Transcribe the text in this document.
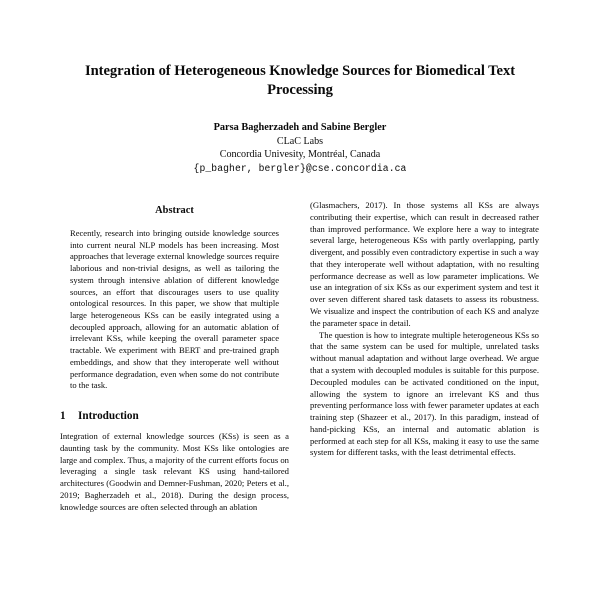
Integration of Heterogeneous Knowledge Sources for Biomedical Text Processing
Parsa Bagherzadeh and Sabine Bergler
CLaC Labs
Concordia Univesity, Montréal, Canada
{p_bagher, bergler}@cse.concordia.ca
Abstract

Recently, research into bringing outside knowledge sources into current neural NLP models has been increasing. Most approaches that leverage external knowledge sources require laborious and non-trivial designs, as well as tailoring the system through intensive ablation of different knowledge sources, an effort that discourages users to use quality ontological resources. In this paper, we show that multiple large heterogeneous KSs can be easily integrated using a decoupled approach, allowing for an automatic ablation of irrelevant KSs, while keeping the overall parameter space tractable. We experiment with BERT and pre-trained graph embeddings, and show that they interoperate well without performance degradation, even when some do not contribute to the task.

1	Introduction

Integration of external knowledge sources (KSs) is seen as a daunting task by the community. Most KSs like ontologies are large and complex. Thus, a majority of the current efforts focus on leveraging a single task relevant KS using hand-tailored architectures (Goodwin and Demner-Fushman, 2020; Peters et al., 2019; Bagherzadeh et al., 2018). During the design process, knowledge sources are often selected through an ablation

(Glasmachers, 2017). In those systems all KSs are always contributing their expertise, which can result in decreased rather than improved performance. We explore here a way to integrate several large, heterogeneous KSs with partly overlapping, partly divergent, and possibly even contradictory expertise in such a way that they interoperate well without adaptation, with no resulting performance decrease as well as low parameter implications. We use an integration of six KSs as our experiment system and test it over seven different shared task datasets to assess its robustness. We visualize and inspect the contribution of each KS and analyze the parameter space in detail.

The question is how to integrate multiple heterogeneous KSs so that the same system can be used for multiple, unrelated tasks without manual adaptation and without large overhead. We argue that a system with decoupled modules is suitable for this purpose. Decoupled modules can be activated conditioned on the input, allowing the system to ignore an irrelevant KS and thus preventing performance loss with fewer parameter updates at each training step (Shazeer et al., 2017). In this paradigm, instead of hand-picking KSs, an internal and automatic ablation is performed at each step for all KSs, making it easy to use the same system for different tasks, with the least detrimental effects.
